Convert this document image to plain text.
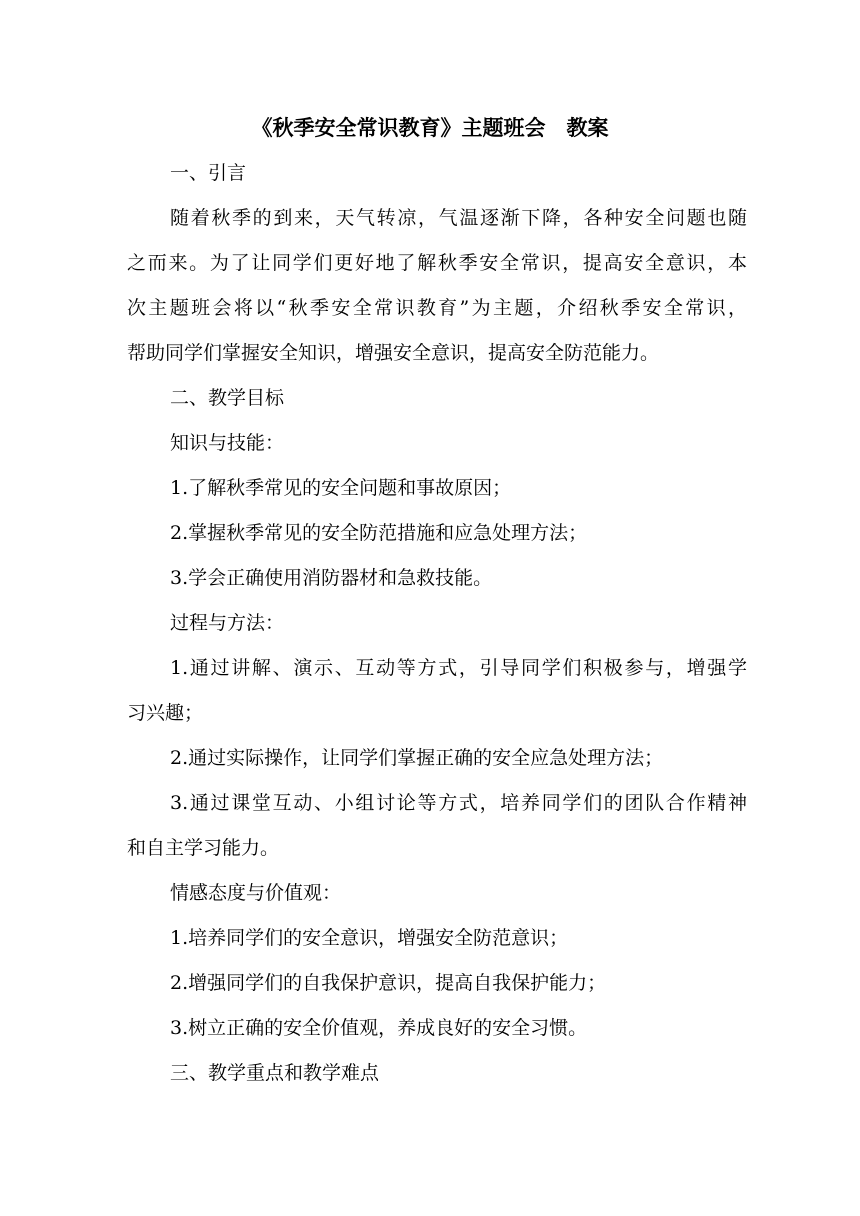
《秋季安全常识教育》主题班会　教案
一、引言
随着秋季的到来，天气转凉，气温逐渐下降，各种安全问题也随
之而来。为了让同学们更好地了解秋季安全常识，提高安全意识，本
次主题班会将以“秋季安全常识教育”为主题，介绍秋季安全常识，
帮助同学们掌握安全知识，增强安全意识，提高安全防范能力。
二、教学目标
知识与技能：
1.了解秋季常见的安全问题和事故原因；
2.掌握秋季常见的安全防范措施和应急处理方法；
3.学会正确使用消防器材和急救技能。
过程与方法：
1.通过讲解、演示、互动等方式，引导同学们积极参与，增强学
习兴趣；
2.通过实际操作，让同学们掌握正确的安全应急处理方法；
3.通过课堂互动、小组讨论等方式，培养同学们的团队合作精神
和自主学习能力。
情感态度与价值观：
1.培养同学们的安全意识，增强安全防范意识；
2.增强同学们的自我保护意识，提高自我保护能力；
3.树立正确的安全价值观，养成良好的安全习惯。
三、教学重点和教学难点
